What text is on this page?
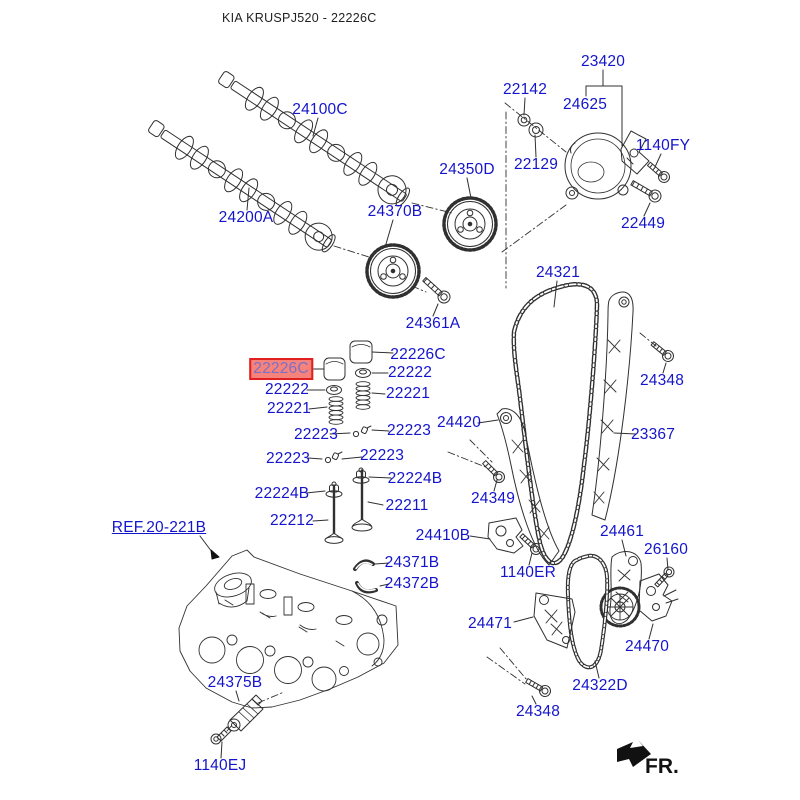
KIA KRUSPJ520 - 22226C
FR.
24100C
24200A
24350D
24370B
24361A
23420
22142
24625
22129
1140FY
22449
24321
24348
23367
24420
22226C
22226C
22222
22222
22221
22221
22223	22223
22223	22223
22224B
22224B
22212
22211
24410B
24349
1140ER
24461
26160
24470
24471
24322D
24348
24371B
24372B
REF.20-221B
24375B
1140EJ
